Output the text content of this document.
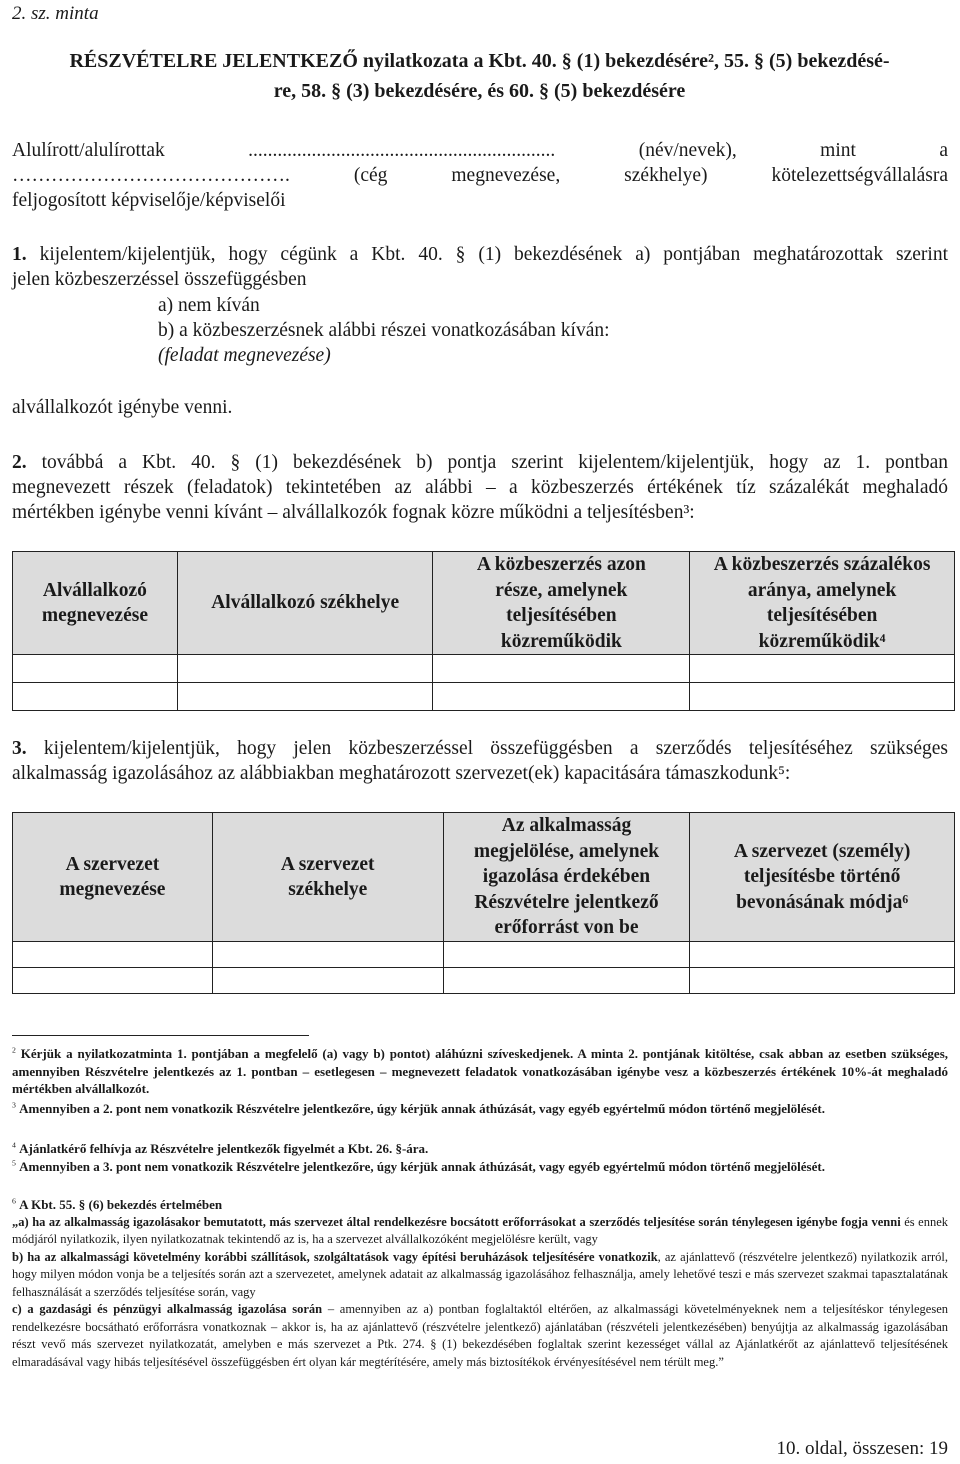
2. sz. minta

RÉSZVÉTELRE JELENTKEZŐ nyilatkozata a Kbt. 40. § (1) bekezdésére², 55. § (5) bekezdésé-
re, 58. § (3) bekezdésére, és 60. § (5) bekezdésére
Alulírott/alulírottak	...............................................................	(név/nevek), mint a
…………………………………….	(cég megnevezése, székhelye) kötelezettségvállalásra
feljogosított képviselője/képviselői
1. kijelentem/kijelentjük, hogy cégünk a Kbt. 40. § (1) bekezdésének a) pontjában meghatározottak szerint
jelen közbeszerzéssel összefüggésben
a) nem kíván
b) a közbeszerzésnek alábbi részei vonatkozásában kíván:
(feladat megnevezése)
alvállalkozót igénybe venni.
2. továbbá a Kbt. 40. § (1) bekezdésének b) pontja szerint kijelentem/kijelentjük, hogy az 1. pontban
megnevezett részek (feladatok) tekintetében az alábbi – a közbeszerzés értékének tíz százalékát meghaladó
mértékben igénybe venni kívánt – alvállalkozók fognak közre működni a teljesítésben³:
Alvállalkozó megnevezése	Alvállalkozó székhelye	A közbeszerzés azon része, amelynek teljesítésében közreműködik	A közbeszerzés százalékos aránya, amelynek teljesítésében közreműködik⁴

3. kijelentem/kijelentjük, hogy jelen közbeszerzéssel összefüggésben a szerződés teljesítéséhez szükséges
alkalmasság igazolásához az alábbiakban meghatározott szervezet(ek) kapacitására támaszkodunk⁵:
A szervezet megnevezése	A szervezet székhelye	Az alkalmasság megjelölése, amelynek igazolása érdekében Részvételre jelentkező erőforrást von be	A szervezet (személy) teljesítésbe történő bevonásának módja⁶

$^2$ Kérjük a nyilatkozatminta 1. pontjában a megfelelő (a) vagy b) pontot) aláhúzni szíveskedjenek. A minta 2. pontjának kitöltése, csak abban az esetben szükséges, amennyiben Részvételre jelentkezés az 1. pontban – esetlegesen – megnevezett feladatok vonatkozásában igénybe vesz a közbeszerzés értékének 10%-át meghaladó mértékben alvállalkozót.
$^3$ Amennyiben a 2. pont nem vonatkozik Részvételre jelentkezőre, úgy kérjük annak áthúzását, vagy egyéb egyértelmű módon történő megjelölését.
$^4$ Ajánlatkérő felhívja az Részvételre jelentkezők figyelmét a Kbt. 26. §-ára.
$^5$ Amennyiben a 3. pont nem vonatkozik Részvételre jelentkezőre, úgy kérjük annak áthúzását, vagy egyéb egyértelmű módon történő megjelölését.
$^6$ A Kbt. 55. § (6) bekezdés értelmében
„a) ha az alkalmasság igazolásakor bemutatott, más szervezet által rendelkezésre bocsátott erőforrásokat a szerződés teljesítése során ténylegesen igénybe fogja venni és ennek módjáról nyilatkozik, ilyen nyilatkozatnak tekintendő az is, ha a szervezet alvállalkozóként megjelölésre került, vagy
b) ha az alkalmassági követelmény korábbi szállítások, szolgáltatások vagy építési beruházások teljesítésére vonatkozik, az ajánlattevő (részvételre jelentkező) nyilatkozik arról, hogy milyen módon vonja be a teljesítés során azt a szervezetet, amelynek adatait az alkalmasság igazolásához felhasználja, amely lehetővé teszi e más szervezet szakmai tapasztalatának felhasználását a szerződés teljesítése során, vagy
c) a gazdasági és pénzügyi alkalmasság igazolása során – amennyiben az a) pontban foglaltaktól eltérően, az alkalmassági követelményeknek nem a teljesítéskor ténylegesen rendelkezésre bocsátható erőforrásra vonatkoznak – akkor is, ha az ajánlattevő (részvételre jelentkező) ajánlatában (részvételi jelentkezésében) benyújtja az alkalmasság igazolásában részt vevő más szervezet nyilatkozatát, amelyben e más szervezet a Ptk. 274. § (1) bekezdésében foglaltak szerint kezességet vállal az Ajánlatkérőt az ajánlattevő teljesítésének elmaradásával vagy hibás teljesítésével összefüggésben ért olyan kár megtérítésére, amely más biztosítékok érvényesítésével nem térült meg.”
10. oldal, összesen: 19
